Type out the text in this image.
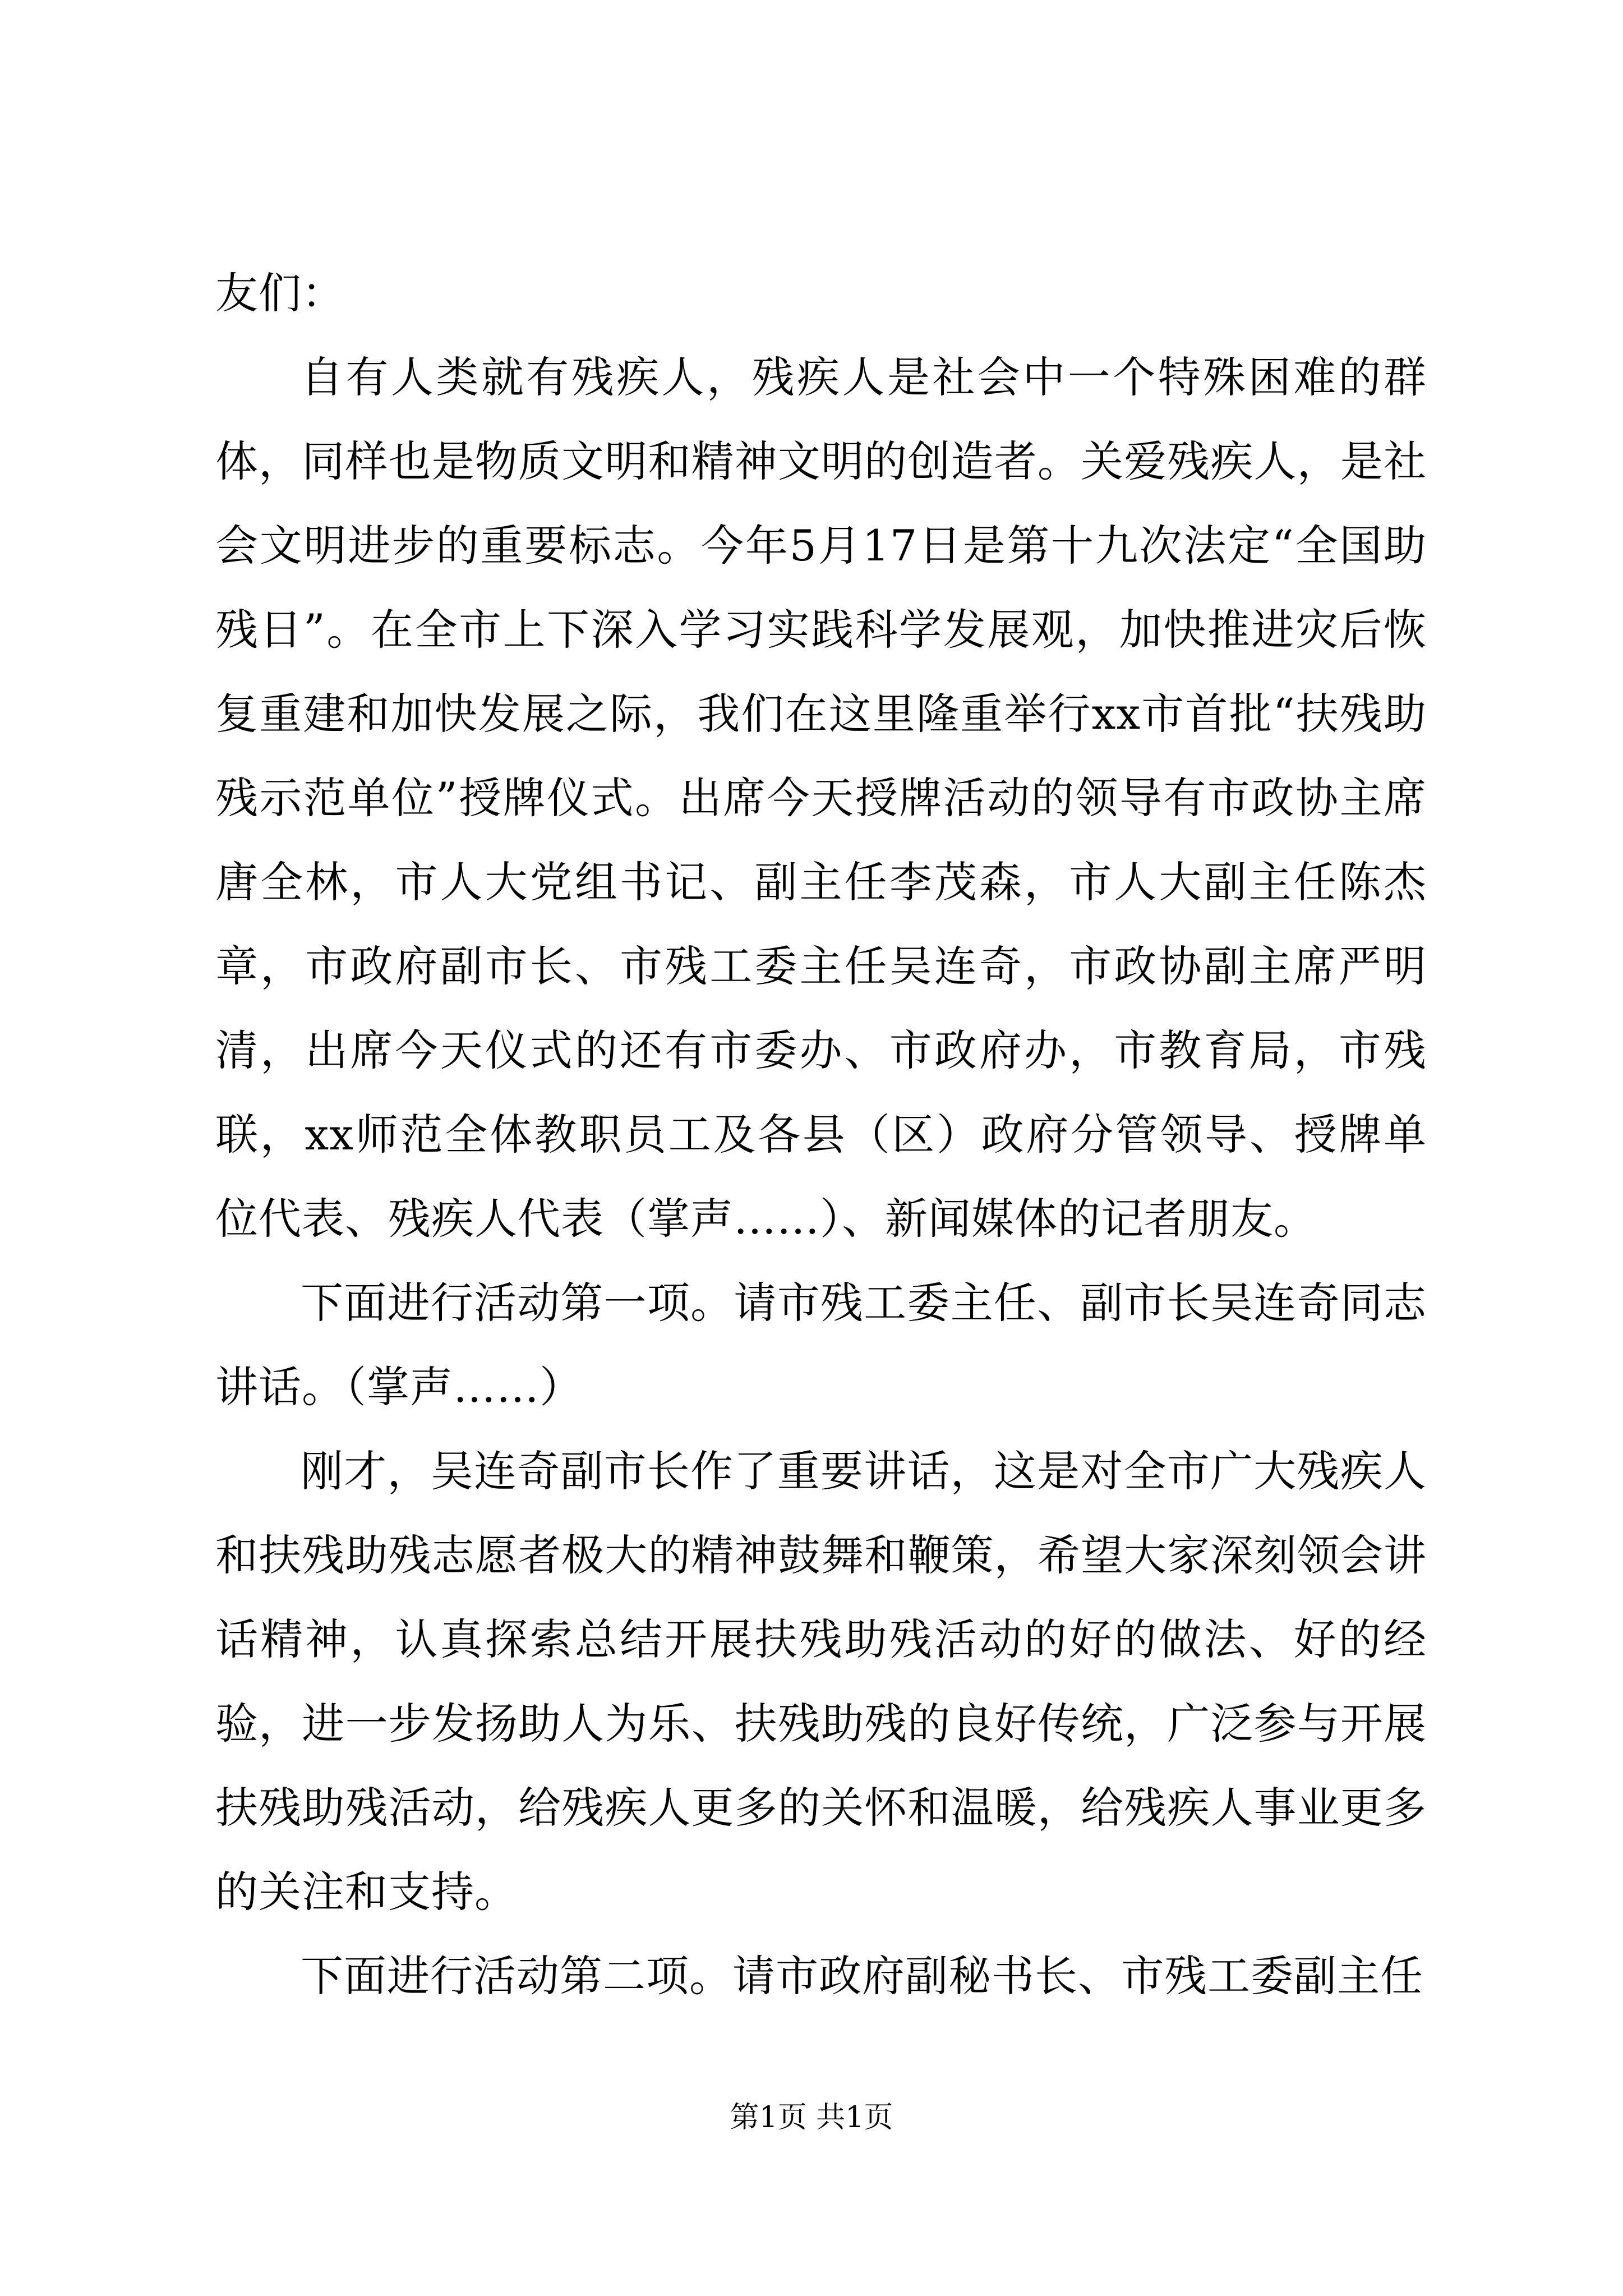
友们：

自有人类就有残疾人，残疾人是社会中一个特殊困难的群体，同样也是物质文明和精神文明的创造者。关爱残疾人，是社会文明进步的重要标志。今年5月17日是第十九次法定“全国助残日”。在全市上下深入学习实践科学发展观，加快推进灾后恢复重建和加快发展之际，我们在这里隆重举行xx市首批“扶残助残示范单位”授牌仪式。出席今天授牌活动的领导有市政协主席唐全林，市人大党组书记、副主任李茂森，市人大副主任陈杰章，市政府副市长、市残工委主任吴连奇，市政协副主席严明清，出席今天仪式的还有市委办、市政府办，市教育局，市残联，xx师范全体教职员工及各县（区）政府分管领导、授牌单位代表、残疾人代表（掌声……）、新闻媒体的记者朋友。

下面进行活动第一项。请市残工委主任、副市长吴连奇同志讲话。（掌声……）

刚才，吴连奇副市长作了重要讲话，这是对全市广大残疾人和扶残助残志愿者极大的精神鼓舞和鞭策，希望大家深刻领会讲话精神，认真探索总结开展扶残助残活动的好的做法、好的经验，进一步发扬助人为乐、扶残助残的良好传统，广泛参与开展扶残助残活动，给残疾人更多的关怀和温暖，给残疾人事业更多的关注和支持。

下面进行活动第二项。请市政府副秘书长、市残工委副主任

第1页 共1页
